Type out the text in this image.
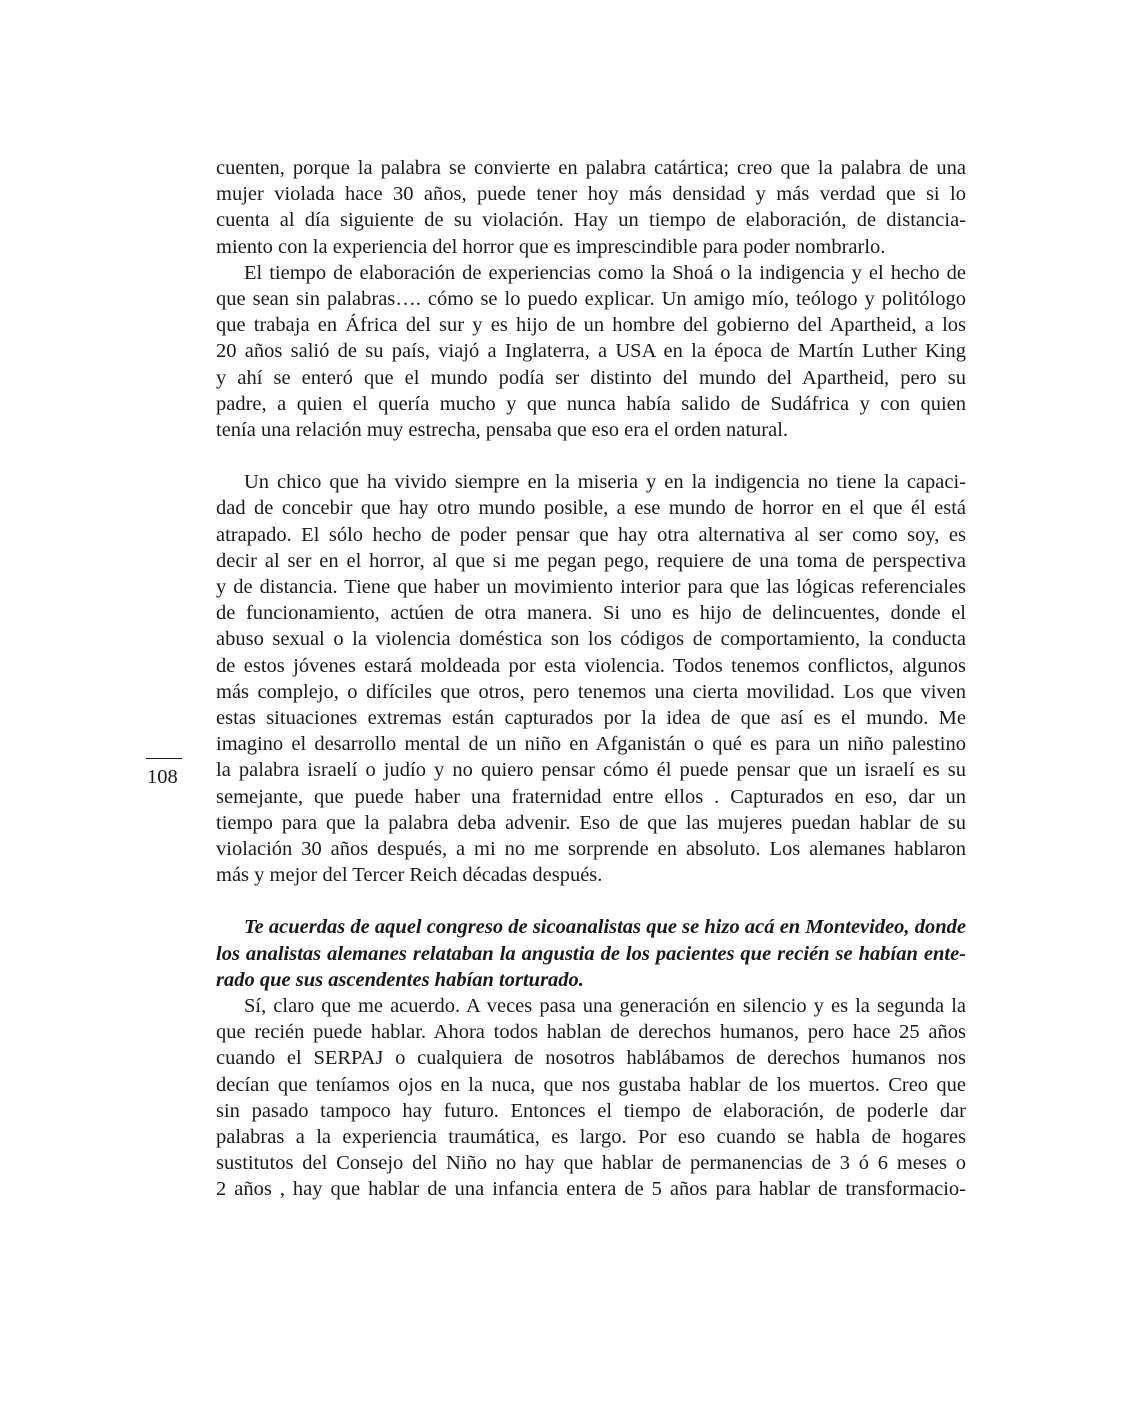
108
cuenten, porque la palabra se convierte en palabra catártica; creo que la palabra de una
mujer violada hace 30 años, puede tener hoy más densidad y más verdad que si lo
cuenta al día siguiente de su violación. Hay un tiempo de elaboración, de distancia-
miento con la experiencia del horror que es imprescindible para poder nombrarlo.
El tiempo de elaboración de experiencias como la Shoá o la indigencia y el hecho de
que sean sin palabras…. cómo se lo puedo explicar. Un amigo mío, teólogo y politólogo
que trabaja en África del sur y es hijo de un hombre del gobierno del Apartheid, a los
20 años salió de su país, viajó a Inglaterra, a USA en la época de Martín Luther King
y ahí se enteró que el mundo podía ser distinto del mundo del Apartheid, pero su
padre, a quien el quería mucho y que nunca había salido de Sudáfrica y con quien
tenía una relación muy estrecha, pensaba que eso era el orden natural.
Un chico que ha vivido siempre en la miseria y en la indigencia no tiene la capaci-
dad de concebir que hay otro mundo posible, a ese mundo de horror en el que él está
atrapado. El sólo hecho de poder pensar que hay otra alternativa al ser como soy, es
decir al ser en el horror, al que si me pegan pego, requiere de una toma de perspectiva
y de distancia. Tiene que haber un movimiento interior para que las lógicas referenciales
de funcionamiento, actúen de otra manera. Si uno es hijo de delincuentes, donde el
abuso sexual o la violencia doméstica son los códigos de comportamiento, la conducta
de estos jóvenes estará moldeada por esta violencia. Todos tenemos conflictos, algunos
más complejo, o difíciles que otros, pero tenemos una cierta movilidad. Los que viven
estas situaciones extremas están capturados por la idea de que así es el mundo. Me
imagino el desarrollo mental de un niño en Afganistán o qué es para un niño palestino
la palabra israelí o judío y no quiero pensar cómo él puede pensar que un israelí es su
semejante, que puede haber una fraternidad entre ellos . Capturados en eso, dar un
tiempo para que la palabra deba advenir. Eso de que las mujeres puedan hablar de su
violación 30 años después, a mi no me sorprende en absoluto. Los alemanes hablaron
más y mejor del Tercer Reich décadas después.
Te acuerdas de aquel congreso de sicoanalistas que se hizo acá en Montevideo, donde
los analistas alemanes relataban la angustia de los pacientes que recién se habían ente-
rado que sus ascendentes habían torturado.
Sí, claro que me acuerdo. A veces pasa una generación en silencio y es la segunda la
que recién puede hablar. Ahora todos hablan de derechos humanos, pero hace 25 años
cuando el SERPAJ o cualquiera de nosotros hablábamos de derechos humanos nos
decían que teníamos ojos en la nuca, que nos gustaba hablar de los muertos. Creo que
sin pasado tampoco hay futuro. Entonces el tiempo de elaboración, de poderle dar
palabras a la experiencia traumática, es largo. Por eso cuando se habla de hogares
sustitutos del Consejo del Niño no hay que hablar de permanencias de 3 ó 6 meses o
2 años , hay que hablar de una infancia entera de 5 años para hablar de transformacio-
